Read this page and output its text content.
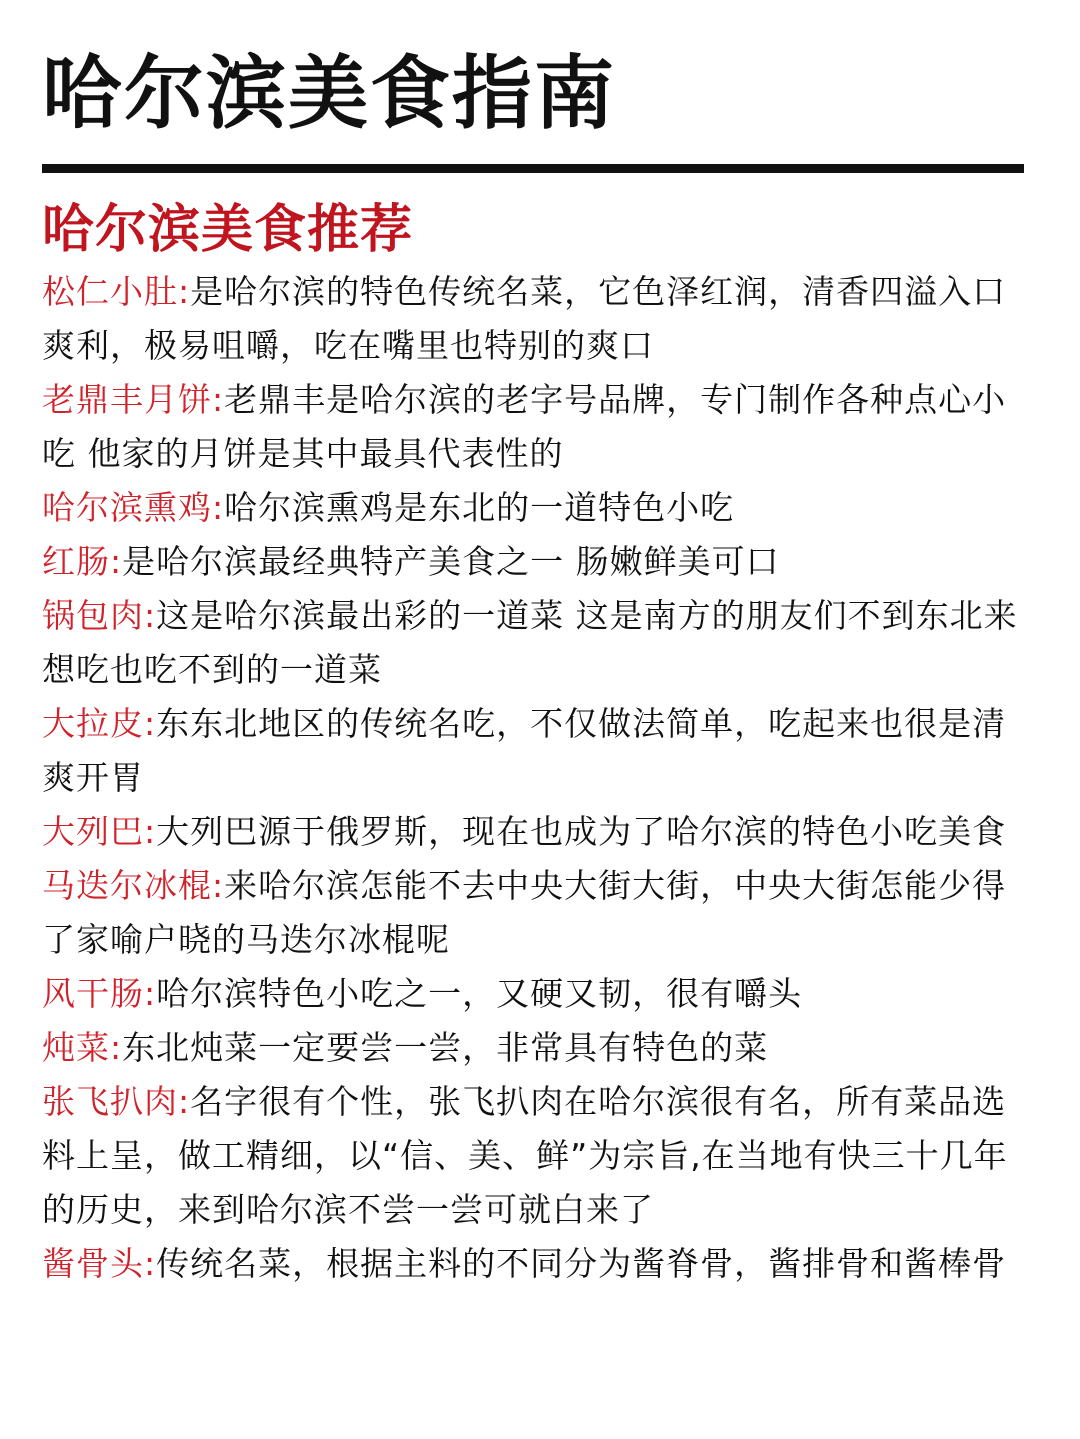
哈尔滨美食指南
哈尔滨美食推荐
松仁小肚:是哈尔滨的特色传统名菜，它色泽红润，清香四溢入口爽利，极易咀嚼，吃在嘴里也特别的爽口
老鼎丰月饼:老鼎丰是哈尔滨的老字号品牌，专门制作各种点心小吃 他家的月饼是其中最具代表性的
哈尔滨熏鸡:哈尔滨熏鸡是东北的一道特色小吃
红肠:是哈尔滨最经典特产美食之一 肠嫩鲜美可口
锅包肉:这是哈尔滨最出彩的一道菜 这是南方的朋友们不到东北来想吃也吃不到的一道菜
大拉皮:东东北地区的传统名吃，不仅做法简单，吃起来也很是清爽开胃
大列巴:大列巴源于俄罗斯，现在也成为了哈尔滨的特色小吃美食
马迭尔冰棍:来哈尔滨怎能不去中央大街大街，中央大街怎能少得了家喻户晓的马迭尔冰棍呢
风干肠:哈尔滨特色小吃之一，又硬又韧，很有嚼头
炖菜:东北炖菜一定要尝一尝，非常具有特色的菜
张飞扒肉:名字很有个性，张飞扒肉在哈尔滨很有名，所有菜品选料上呈，做工精细，以“信、美、鲜”为宗旨,在当地有快三十几年的历史，来到哈尔滨不尝一尝可就白来了
酱骨头:传统名菜，根据主料的不同分为酱脊骨，酱排骨和酱棒骨
